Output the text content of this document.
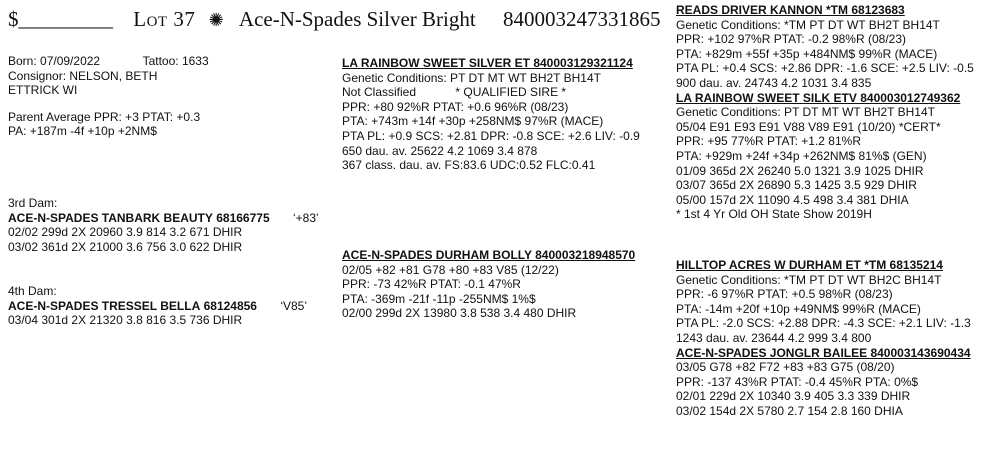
$_________ Lot 37 ✺ Ace-N-Spades Silver Bright 840003247331865
Born: 07/09/2022	Tattoo: 1633
Consignor: NELSON, BETH
ETTRICK WI
Parent Average PPR: +3 PTAT: +0.3
PA: +187m -4f +10p +2NM$
3rd Dam:
ACE-N-SPADES TANBARK BEAUTY 68166775 ‘+83’
02/02 299d 2X 20960 3.9 814 3.2 671 DHIR
03/02 361d 2X 21000 3.6 756 3.0 622 DHIR
4th Dam:
ACE-N-SPADES TRESSEL BELLA 68124856 ‘V85’
03/04 301d 2X 21320 3.8 816 3.5 736 DHIR
LA RAINBOW SWEET SILVER ET 840003129321124
Genetic Conditions: PT DT MT WT BH2T BH14T
Not Classified	* QUALIFIED SIRE *
PPR: +80 92%R PTAT: +0.6 96%R (08/23)
PTA: +743m +14f +30p +258NM$ 97%R (MACE)
PTA PL: +0.9 SCS: +2.81 DPR: -0.8 SCE: +2.6 LIV: -0.9
650 dau. av. 25622 4.2 1069 3.4 878
367 class. dau. av. FS:83.6 UDC:0.52 FLC:0.41
ACE-N-SPADES DURHAM BOLLY 840003218948570
02/05 +82 +81 G78 +80 +83 V85 (12/22)
PPR: -73 42%R PTAT: -0.1 47%R
PTA: -369m -21f -11p -255NM$ 1%$
02/00 299d 2X 13980 3.8 538 3.4 480 DHIR
READS DRIVER KANNON *TM 68123683
Genetic Conditions: *TM PT DT WT BH2T BH14T
PPR: +102 97%R PTAT: -0.2 98%R (08/23)
PTA: +829m +55f +35p +484NM$ 99%R (MACE)
PTA PL: +0.4 SCS: +2.86 DPR: -1.6 SCE: +2.5 LIV: -0.5
900 dau. av. 24743 4.2 1031 3.4 835
LA RAINBOW SWEET SILK ETV 840003012749362
Genetic Conditions: PT DT MT WT BH2T BH14T
05/04 E91 E93 E91 V88 V89 E91 (10/20) *CERT*
PPR: +95 77%R PTAT: +1.2 81%R
PTA: +929m +24f +34p +262NM$ 81%$ (GEN)
01/09 365d 2X 26240 5.0 1321 3.9 1025 DHIR
03/07 365d 2X 26890 5.3 1425 3.5 929 DHIR
05/00 157d 2X 11090 4.5 498 3.4 381 DHIA
* 1st 4 Yr Old OH State Show 2019H
HILLTOP ACRES W DURHAM ET *TM 68135214
Genetic Conditions: *TM PT DT WT BH2C BH14T
PPR: -6 97%R PTAT: +0.5 98%R (08/23)
PTA: -14m +20f +10p +49NM$ 99%R (MACE)
PTA PL: -2.0 SCS: +2.88 DPR: -4.3 SCE: +2.1 LIV: -1.3
1243 dau. av. 23644 4.2 999 3.4 800
ACE-N-SPADES JONGLR BAILEE 840003143690434
03/05 G78 +82 F72 +83 +83 G75 (08/20)
PPR: -137 43%R PTAT: -0.4 45%R PTA: 0%$
02/01 229d 2X 10340 3.9 405 3.3 339 DHIR
03/02 154d 2X 5780 2.7 154 2.8 160 DHIA
